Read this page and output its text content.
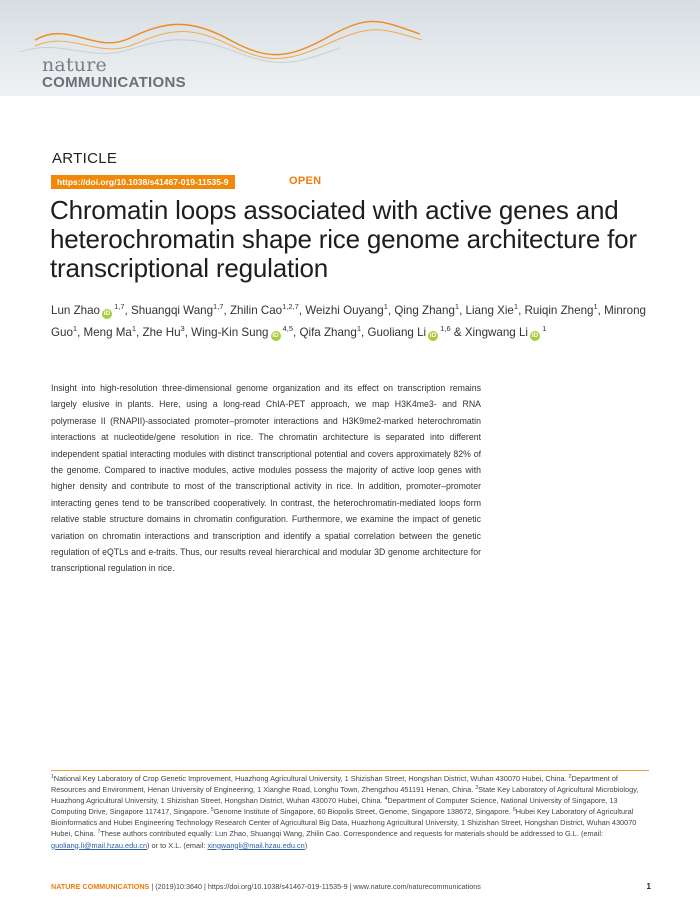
nature
COMMUNICATIONS
ARTICLE
https://doi.org/10.1038/s41467-019-11535-9	OPEN
Chromatin loops associated with active genes and heterochromatin shape rice genome architecture for transcriptional regulation
Lun Zhao iD $^{1,7}$, Shuangqi Wang$^{1,7}$, Zhilin Cao$^{1,2,7}$, Weizhi Ouyang$^1$, Qing Zhang$^1$, Liang Xie$^1$, Ruiqin Zheng$^1$, Minrong Guo$^1$, Meng Ma$^1$, Zhe Hu$^3$, Wing-Kin Sung iD $^{4,5}$, Qifa Zhang$^1$, Guoliang Li iD $^{1,6}$ & Xingwang Li iD $^1$

Insight into high-resolution three-dimensional genome organization and its effect on transcription remains largely elusive in plants. Here, using a long-read ChIA-PET approach, we map H3K4me3- and RNA polymerase II (RNAPII)-associated promoter–promoter interactions and H3K9me2-marked heterochromatin interactions at nucleotide/gene resolution in rice. The chromatin architecture is separated into different independent spatial interacting modules with distinct transcriptional potential and covers approximately 82% of the genome. Compared to inactive modules, active modules possess the majority of active loop genes with higher density and contribute to most of the transcriptional activity in rice. In addition, promoter–promoter interacting genes tend to be transcribed cooperatively. In contrast, the heterochromatin-mediated loops form relative stable structure domains in chromatin configuration. Furthermore, we examine the impact of genetic variation on chromatin interactions and transcription and identify a spatial correlation between the genetic regulation of eQTLs and e-traits. Thus, our results reveal hierarchical and modular 3D genome architecture for transcriptional regulation in rice.

$^1$National Key Laboratory of Crop Genetic Improvement, Huazhong Agricultural University, 1 Shizishan Street, Hongshan District, Wuhan 430070 Hubei, China. $^2$Department of Resources and Environment, Henan University of Engineering, 1 Xianghe Road, Longhu Town, Zhengzhou 451191 Henan, China. $^3$State Key Laboratory of Agricultural Microbiology, Huazhong Agricultural University, 1 Shizishan Street, Hongshan District, Wuhan 430070 Hubei, China. $^4$Department of Computer Science, National University of Singapore, 13 Computing Drive, Singapore 117417, Singapore. $^5$Genome Institute of Singapore, 60 Biopolis Street, Genome, Singapore 138672, Singapore. $^6$Hubei Key Laboratory of Agricultural Bioinformatics and Hubei Engineering Technology Research Center of Agricultural Big Data, Huazhong Agricultural University, 1 Shizishan Street, Hongshan District, Wuhan 430070 Hubei, China. $^7$These authors contributed equally: Lun Zhao, Shuangqi Wang, Zhilin Cao. Correspondence and requests for materials should be addressed to G.L. (email: guoliang.li@mail.hzau.edu.cn) or to X.L. (email: xingwangli@mail.hzau.edu.cn)
NATURE COMMUNICATIONS | (2019)10:3640 | https://doi.org/10.1038/s41467-019-11535-9 | www.nature.com/naturecommunications	1
